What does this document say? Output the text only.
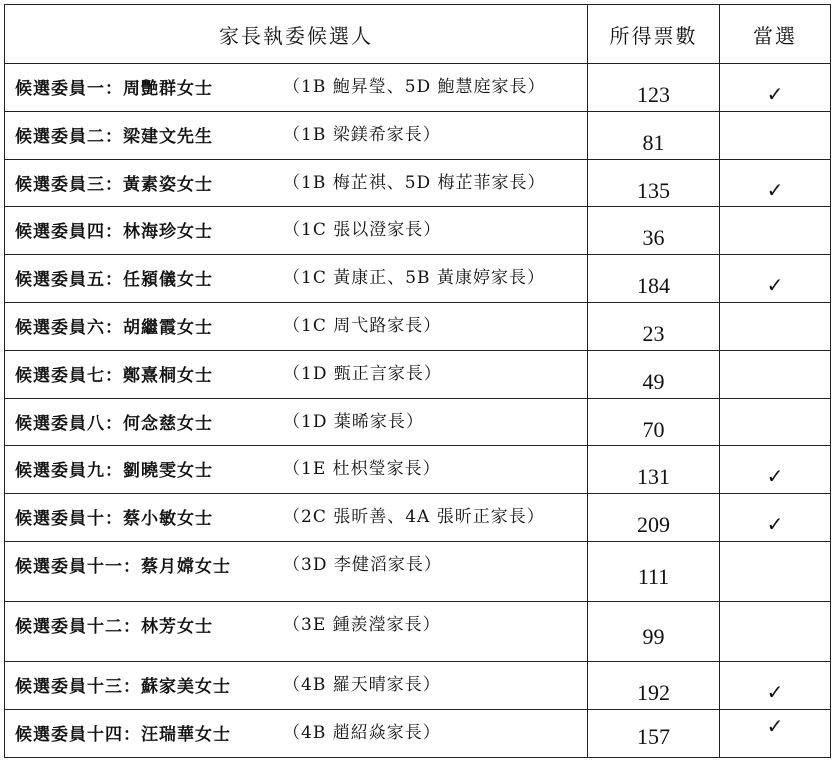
家長執委候選人	所得票數	當選

候選委員一：周艷群女士 （1B 鮑昇瑩、5D 鮑慧庭家長）	123	✓

候選委員二：梁建文先生 （1B 梁鎂希家長）	81	

候選委員三：黃素姿女士 （1B 梅芷祺、5D 梅芷菲家長）	135	✓

候選委員四：林海珍女士 （1C 張以澄家長）	36	

候選委員五：任潁儀女士 （1C 黃康正、5B 黃康婷家長）	184	✓

候選委員六：胡繼霞女士 （1C 周弋路家長）	23	

候選委員七：鄭熹桐女士 （1D 甄正言家長）	49	

候選委員八：何念慈女士 （1D 葉晞家長）	70	

候選委員九：劉曉雯女士 （1E 杜枳瑩家長）	131	✓

候選委員十：蔡小敏女士 （2C 張昕善、4A 張昕正家長）	209	✓

候選委員十一：蔡月嫦女士 （3D 李健滔家長）	111	

候選委員十二：林芳女士 （3E 鍾羨瀅家長）	99	

候選委員十三：蘇家美女士 （4B 羅天晴家長）	192	✓

候選委員十四：汪瑞華女士 （4B 趙紹焱家長）	157	✓
